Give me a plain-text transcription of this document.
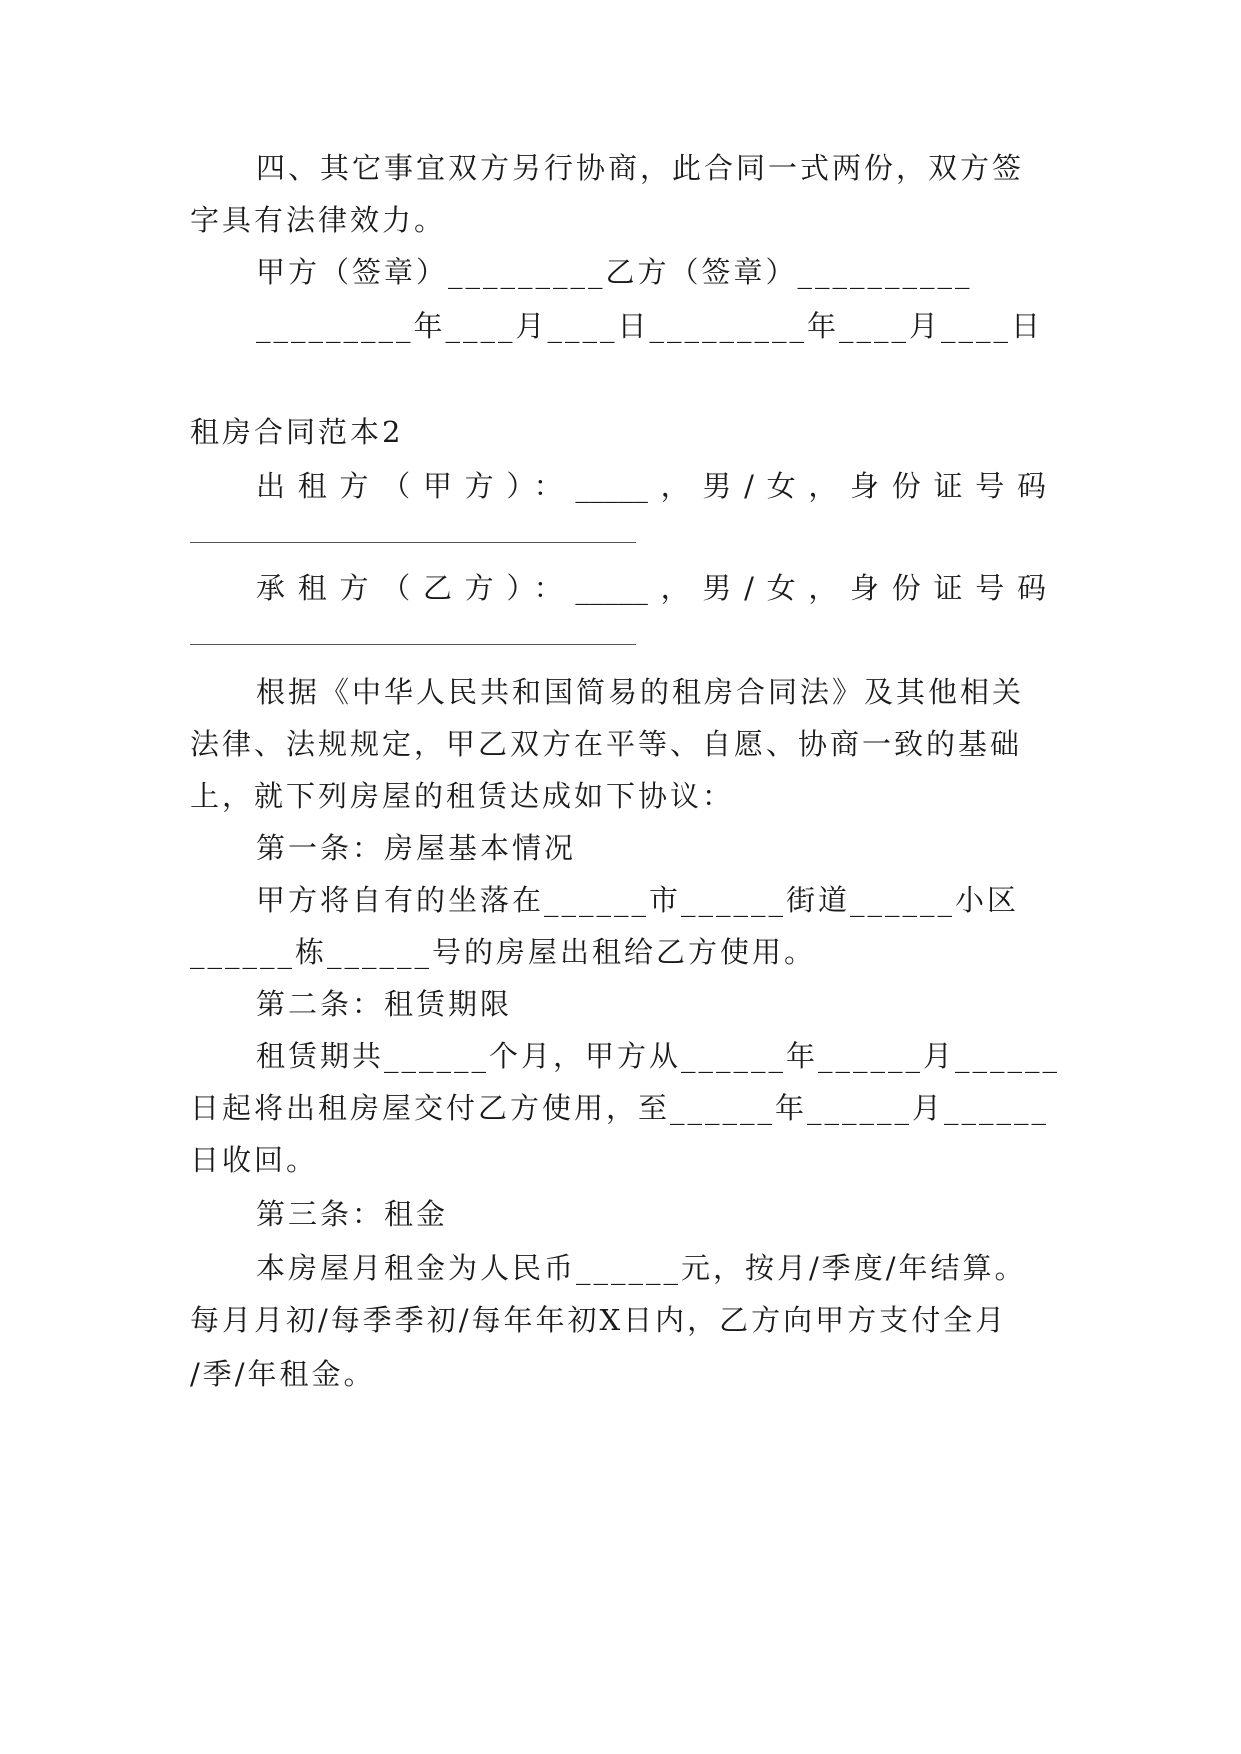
四、其它事宜双方另行协商，此合同一式两份，双方签
字具有法律效力。
甲方（签章）_________乙方（签章）__________
_________年____月____日_________年____月____日
租房合同范本2
出租方（甲方）：_____，男/女，身份证号码
承租方（乙方）：_____，男/女，身份证号码
根据《中华人民共和国简易的租房合同法》及其他相关
法律、法规规定，甲乙双方在平等、自愿、协商一致的基础
上，就下列房屋的租赁达成如下协议：
第一条：房屋基本情况
甲方将自有的坐落在______市______街道______小区
______栋______号的房屋出租给乙方使用。
第二条：租赁期限
租赁期共______个月，甲方从______年______月______
日起将出租房屋交付乙方使用，至______年______月______
日收回。
第三条：租金
本房屋月租金为人民币______元，按月/季度/年结算。
每月月初/每季季初/每年年初X日内，乙方向甲方支付全月
/季/年租金。
